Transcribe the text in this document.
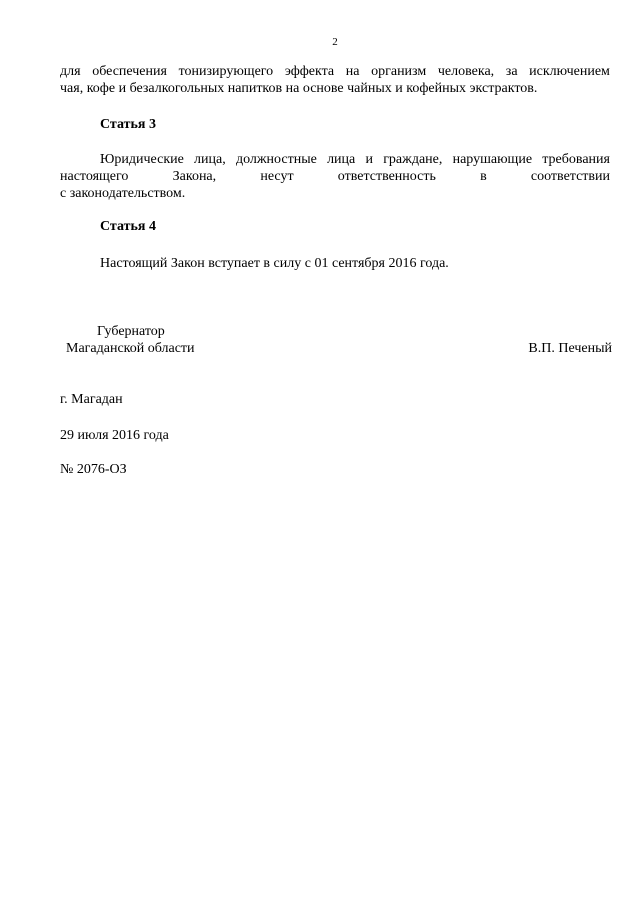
2
для обеспечения тонизирующего эффекта на организм человека, за исключением
чая, кофе и безалкогольных напитков на основе чайных и кофейных экстрактов.
Статья 3
Юридические лица, должностные лица и граждане, нарушающие требования
настоящего	Закона,	несут	ответственность	в	соответствии
с законодательством.
Статья 4
Настоящий Закон вступает в силу с 01 сентября 2016 года.
Губернатор
Магаданской области	В.П. Печеный
г. Магадан
29 июля 2016 года
№ 2076-ОЗ
